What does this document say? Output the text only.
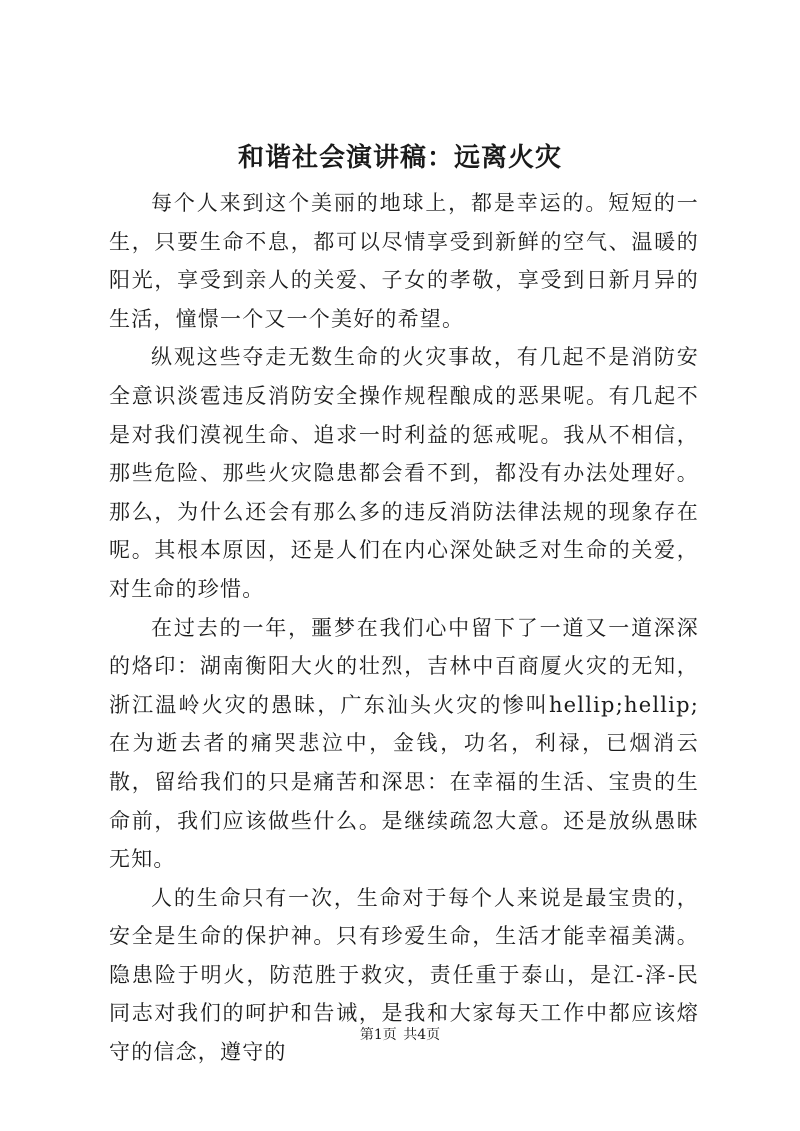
和谐社会演讲稿：远离火灾

每个人来到这个美丽的地球上，都是幸运的。短短的一生，只要生命不息，都可以尽情享受到新鲜的空气、温暖的阳光，享受到亲人的关爱、子女的孝敬，享受到日新月异的生活，憧憬一个又一个美好的希望。

纵观这些夺走无数生命的火灾事故，有几起不是消防安全意识淡雹违反消防安全操作规程酿成的恶果呢。有几起不是对我们漠视生命、追求一时利益的惩戒呢。我从不相信，那些危险、那些火灾隐患都会看不到，都没有办法处理好。那么，为什么还会有那么多的违反消防法律法规的现象存在呢。其根本原因，还是人们在内心深处缺乏对生命的关爱，对生命的珍惜。

在过去的一年，噩梦在我们心中留下了一道又一道深深的烙印：湖南衡阳大火的壮烈，吉林中百商厦火灾的无知，浙江温岭火灾的愚昧，广东汕头火灾的惨叫hellip;hellip;在为逝去者的痛哭悲泣中，金钱，功名，利禄，已烟消云散，留给我们的只是痛苦和深思：在幸福的生活、宝贵的生命前，我们应该做些什么。是继续疏忽大意。还是放纵愚昧无知。

人的生命只有一次，生命对于每个人来说是最宝贵的，安全是生命的保护神。只有珍爱生命，生活才能幸福美满。隐患险于明火，防范胜于救灾，责任重于泰山，是江-泽-民同志对我们的呵护和告诫，是我和大家每天工作中都应该熔守的信念，遵守的

第1页 共4页
